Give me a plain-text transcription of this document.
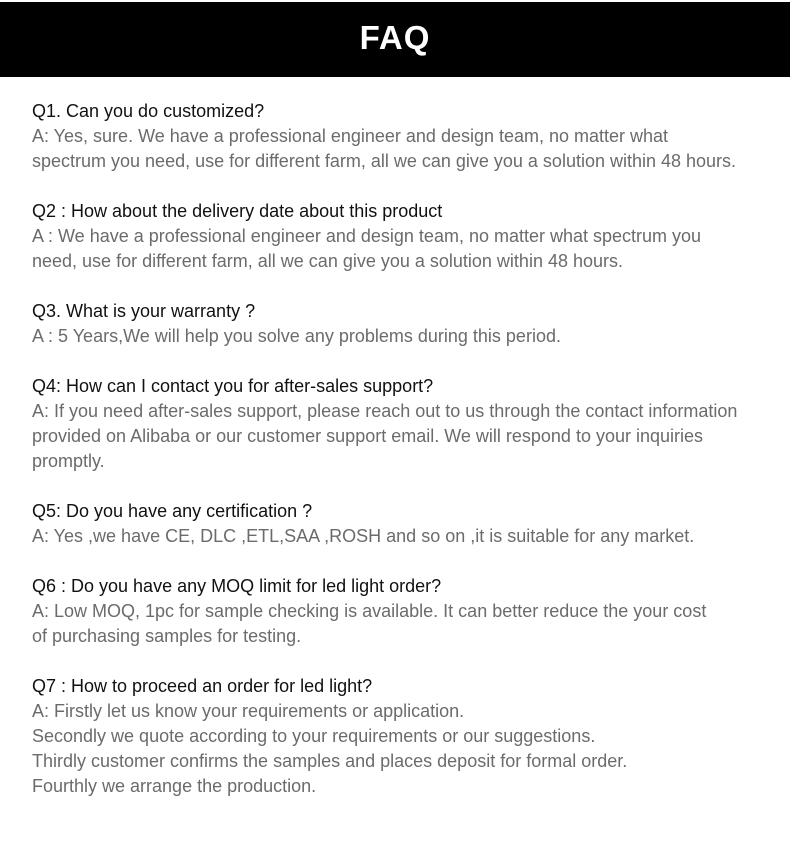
FAQ

Q1. Can you do customized?

A: Yes, sure. We have a professional engineer and design team, no matter what
spectrum you need, use for different farm, all we can give you a solution within 48 hours.

Q2 : How about the delivery date about this product

A : We have a professional engineer and design team, no matter what spectrum you
need, use for different farm, all we can give you a solution within 48 hours.

Q3. What is your warranty ?

A : 5 Years,We will help you solve any problems during this period.

Q4: How can I contact you for after-sales support?

A: If you need after-sales support, please reach out to us through the contact information
provided on Alibaba or our customer support email. We will respond to your inquiries
promptly.

Q5: Do you have any certification ?

A: Yes ,we have CE, DLC ,ETL,SAA ,ROSH and so on ,it is suitable for any market.

Q6 : Do you have any MOQ limit for led light order?

A: Low MOQ, 1pc for sample checking is available. It can better reduce the your cost
of purchasing samples for testing.

Q7 : How to proceed an order for led light?

A: Firstly let us know your requirements or application.
Secondly we quote according to your requirements or our suggestions.
Thirdly customer confirms the samples and places deposit for formal order.
Fourthly we arrange the production.
